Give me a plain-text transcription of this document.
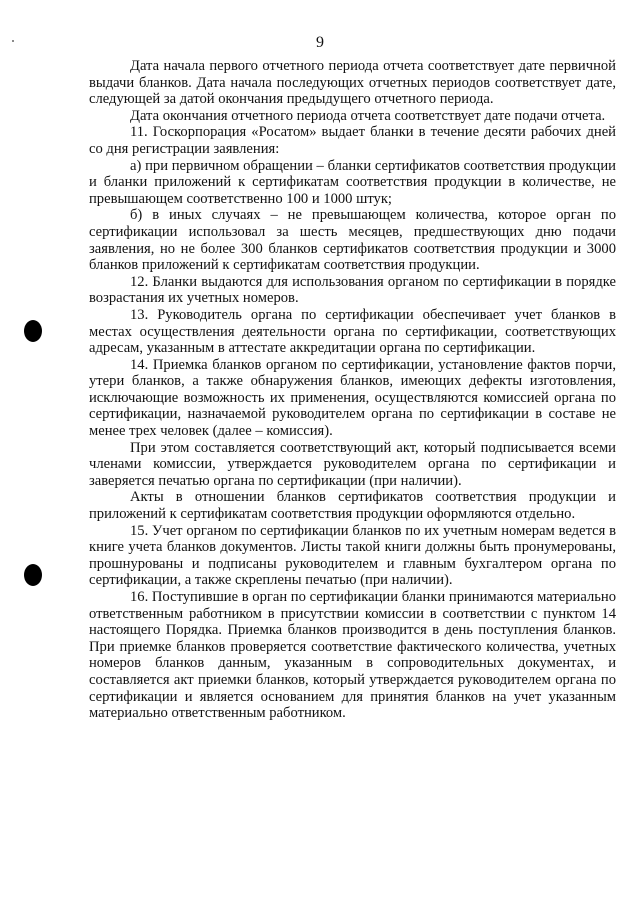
9

Дата начала первого отчетного периода отчета соответствует дате первичной выдачи бланков. Дата начала последующих отчетных периодов соответствует дате, следующей за датой окончания предыдущего отчетного периода.

Дата окончания отчетного периода отчета соответствует дате подачи отчета.

11. Госкорпорация «Росатом» выдает бланки в течение десяти рабочих дней со дня регистрации заявления:

а) при первичном обращении – бланки сертификатов соответствия продукции и бланки приложений к сертификатам соответствия продукции в количестве, не превышающем соответственно 100 и 1000 штук;

б) в иных случаях – не превышающем количества, которое орган по сертификации использовал за шесть месяцев, предшествующих дню подачи заявления, но не более 300 бланков сертификатов соответствия продукции и 3000 бланков приложений к сертификатам соответствия продукции.

12. Бланки выдаются для использования органом по сертификации в порядке возрастания их учетных номеров.

13. Руководитель органа по сертификации обеспечивает учет бланков в местах осуществления деятельности органа по сертификации, соответствующих адресам, указанным в аттестате аккредитации органа по сертификации.

14. Приемка бланков органом по сертификации, установление фактов порчи, утери бланков, а также обнаружения бланков, имеющих дефекты изготовления, исключающие возможность их применения, осуществляются комиссией органа по сертификации, назначаемой руководителем органа по сертификации в составе не менее трех человек (далее – комиссия).

При этом составляется соответствующий акт, который подписывается всеми членами комиссии, утверждается руководителем органа по сертификации и заверяется печатью органа по сертификации (при наличии).

Акты в отношении бланков сертификатов соответствия продукции и приложений к сертификатам соответствия продукции оформляются отдельно.

15. Учет органом по сертификации бланков по их учетным номерам ведется в книге учета бланков документов. Листы такой книги должны быть пронумерованы, прошнурованы и подписаны руководителем и главным бухгалтером органа по сертификации, а также скреплены печатью (при наличии).

16. Поступившие в орган по сертификации бланки принимаются материально ответственным работником в присутствии комиссии в соответствии с пунктом 14 настоящего Порядка. Приемка бланков производится в день поступления бланков. При приемке бланков проверяется соответствие фактического количества, учетных номеров бланков данным, указанным в сопроводительных документах, и составляется акт приемки бланков, который утверждается руководителем органа по сертификации и является основанием для принятия бланков на учет указанным материально ответственным работником.
